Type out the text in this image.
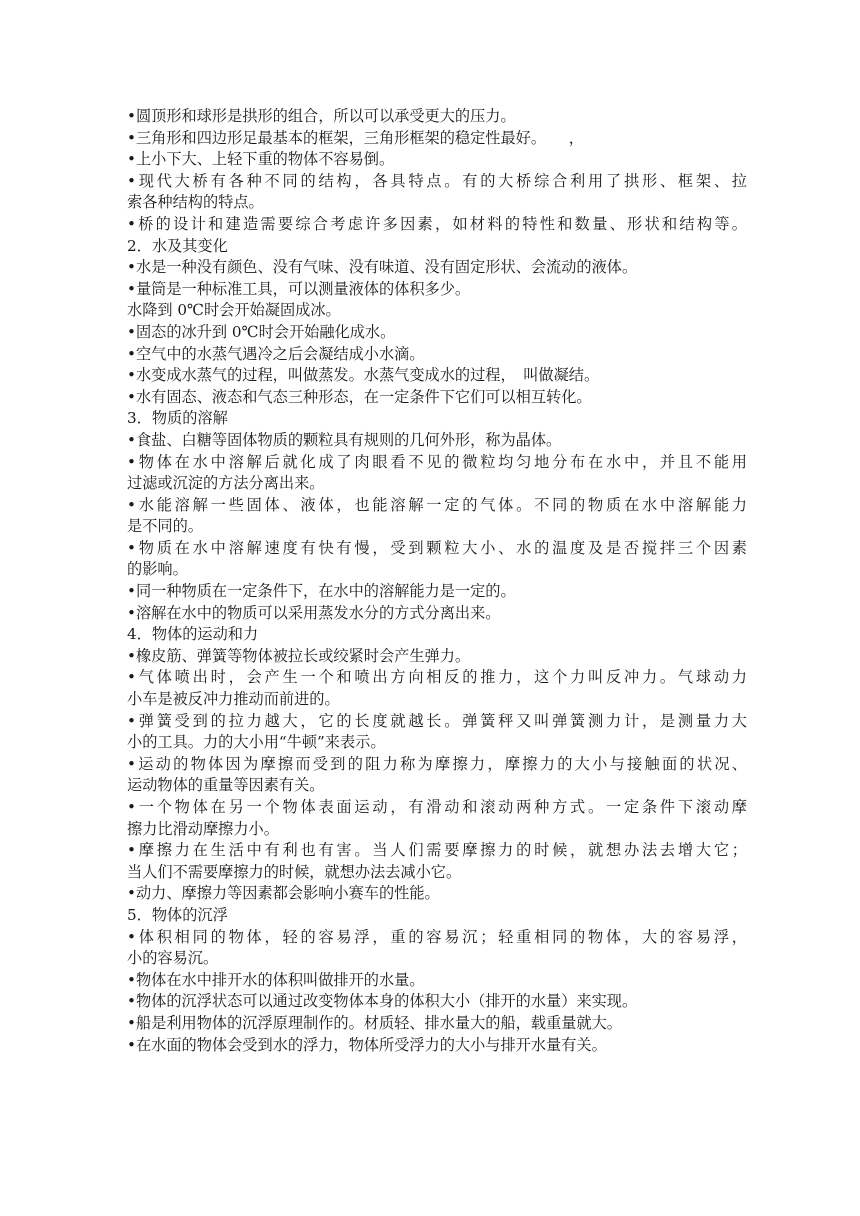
•圆顶形和球形是拱形的组合，所以可以承受更大的压力。
•三角形和四边形足最基本的框架，三角形框架的稳定性最好。　　，
•上小下大、上轻下重的物体不容易倒。
•现代大桥有各种不同的结构，各具特点。有的大桥综合利用了拱形、框架、拉
索各种结构的特点。
•桥的设计和建造需要综合考虑许多因素，如材料的特性和数量、形状和结构等。
2．水及其变化
•水是一种没有颜色、没有气味、没有味道、没有固定形状、会流动的液体。
•量筒是一种标准工具，可以测量液体的体积多少。
水降到 0℃时会开始凝固成冰。
•固态的冰升到 0℃时会开始融化成水。
•空气中的水蒸气遇冷之后会凝结成小水滴。
•水变成水蒸气的过程，叫做蒸发。水蒸气变成水的过程，　叫做凝结。
•水有固态、液态和气态三种形态，在一定条件下它们可以相互转化。
3．物质的溶解
•食盐、白糖等固体物质的颗粒具有规则的几何外形，称为晶体。
•物体在水中溶解后就化成了肉眼看不见的微粒均匀地分布在水中，并且不能用
过滤或沉淀的方法分离出来。
•水能溶解一些固体、液体，也能溶解一定的气体。不同的物质在水中溶解能力
是不同的。
•物质在水中溶解速度有快有慢，受到颗粒大小、水的温度及是否搅拌三个因素
的影响。
•同一种物质在一定条件下，在水中的溶解能力是一定的。
•溶解在水中的物质可以采用蒸发水分的方式分离出来。
4．物体的运动和力
•橡皮筋、弹簧等物体被拉长或绞紧时会产生弹力。
•气体喷出时，会产生一个和喷出方向相反的推力，这个力叫反冲力。气球动力
小车是被反冲力推动而前进的。
•弹簧受到的拉力越大，它的长度就越长。弹簧秤又叫弹簧测力计，是测量力大
小的工具。力的大小用“牛顿”来表示。
•运动的物体因为摩擦而受到的阻力称为摩擦力，摩擦力的大小与接触面的状况、
运动物体的重量等因素有关。
•一个物体在另一个物体表面运动，有滑动和滚动两种方式。一定条件下滚动摩
擦力比滑动摩擦力小。
•摩擦力在生活中有利也有害。当人们需要摩擦力的时候，就想办法去增大它；
当人们不需要摩擦力的时候，就想办法去减小它。
•动力、摩擦力等因素都会影响小赛车的性能。
5．物体的沉浮
•体积相同的物体，轻的容易浮，重的容易沉；轻重相同的物体，大的容易浮，
小的容易沉。
•物体在水中排开水的体积叫做排开的水量。
•物体的沉浮状态可以通过改变物体本身的体积大小（排开的水量）来实现。
•船是利用物体的沉浮原理制作的。材质轻、排水量大的船，载重量就大。
•在水面的物体会受到水的浮力，物体所受浮力的大小与排开水量有关。
